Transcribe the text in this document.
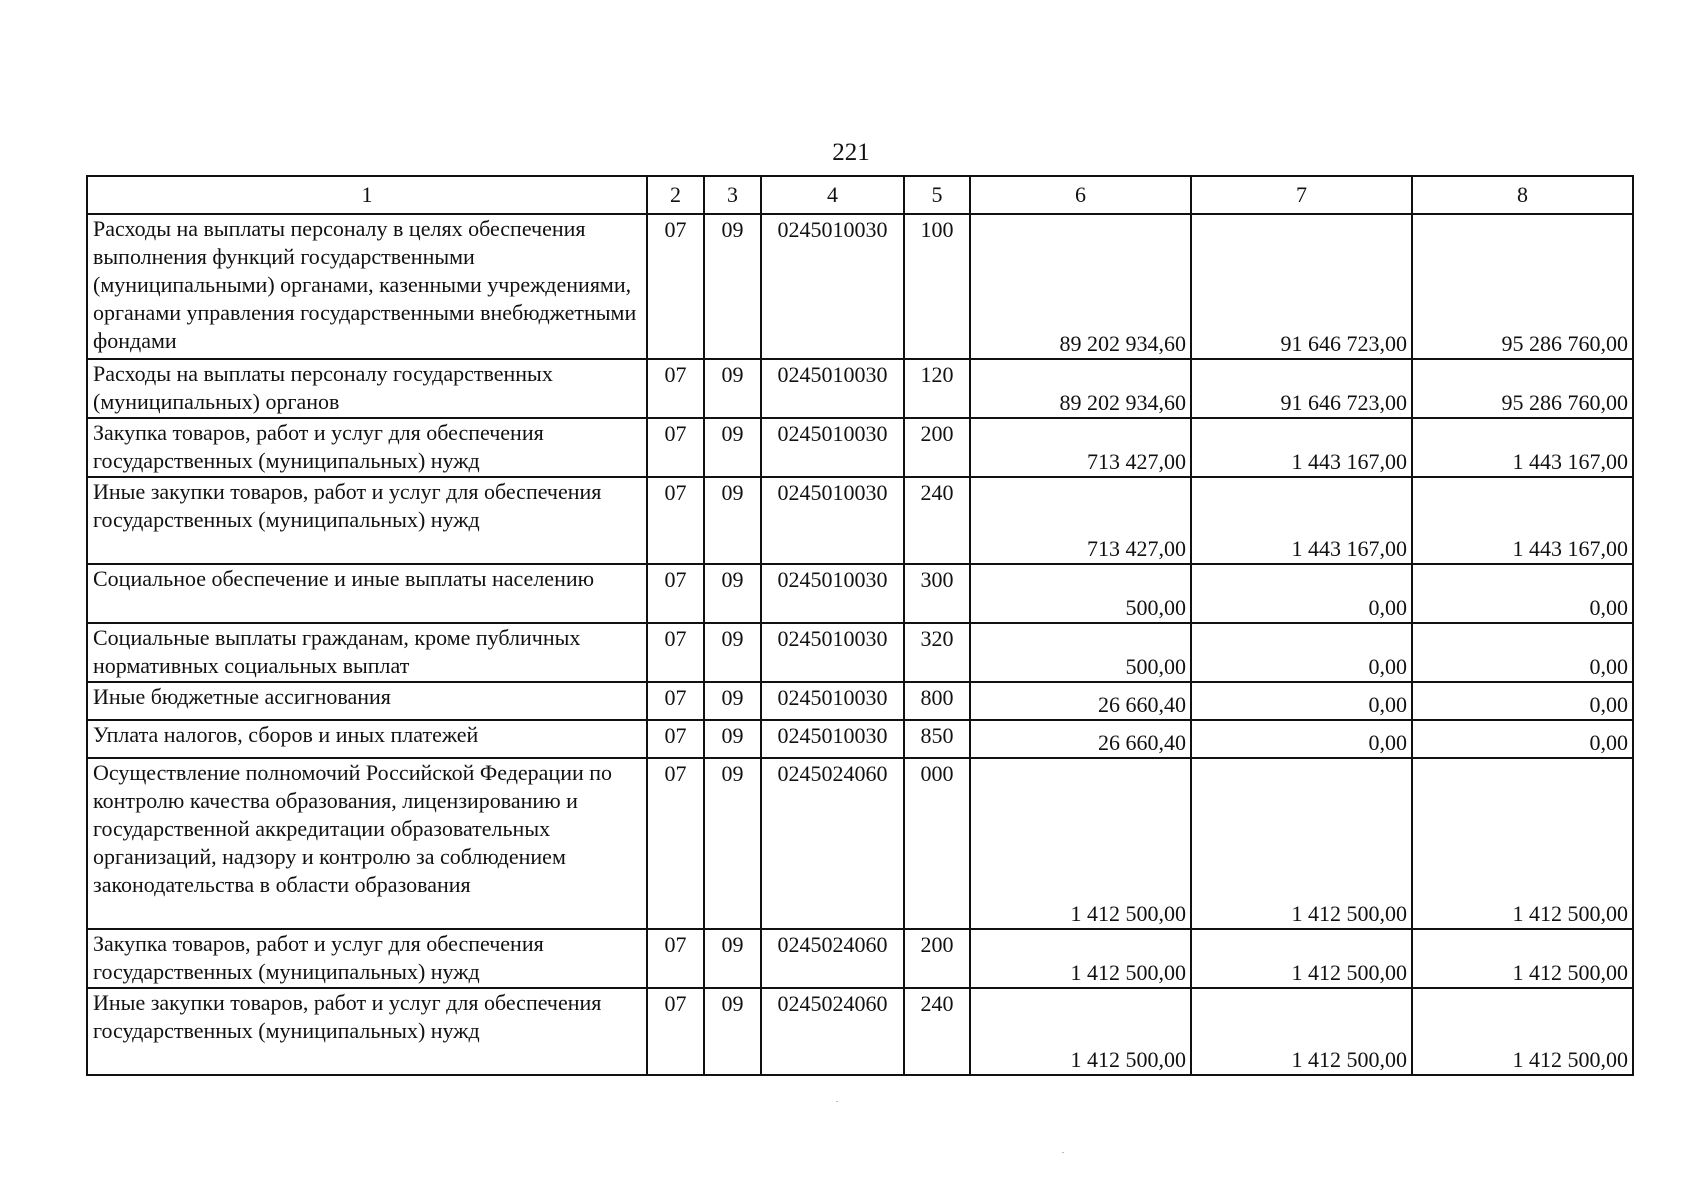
221
1	2	3	4	5	6	7	8
Расходы на выплаты персоналу в целях обеспечения выполнения функций государственными (муниципальными) органами, казенными учреждениями, органами управления государственными внебюджетными фондами	07	09	0245010030	100	89 202 934,60	91 646 723,00	95 286 760,00
Расходы на выплаты персоналу государственных (муниципальных) органов	07	09	0245010030	120	89 202 934,60	91 646 723,00	95 286 760,00
Закупка товаров, работ и услуг для обеспечения государственных (муниципальных) нужд	07	09	0245010030	200	713 427,00	1 443 167,00	1 443 167,00
Иные закупки товаров, работ и услуг для обеспечения государственных (муниципальных) нужд	07	09	0245010030	240	713 427,00	1 443 167,00	1 443 167,00
Социальное обеспечение и иные выплаты населению	07	09	0245010030	300	500,00	0,00	0,00
Социальные выплаты гражданам, кроме публичных нормативных социальных выплат	07	09	0245010030	320	500,00	0,00	0,00
Иные бюджетные ассигнования	07	09	0245010030	800	26 660,40	0,00	0,00
Уплата налогов, сборов и иных платежей	07	09	0245010030	850	26 660,40	0,00	0,00
Осуществление полномочий Российской Федерации по контролю качества образования, лицензированию и государственной аккредитации образовательных организаций, надзору и контролю за соблюдением законодательства в области образования	07	09	0245024060	000	1 412 500,00	1 412 500,00	1 412 500,00
Закупка товаров, работ и услуг для обеспечения государственных (муниципальных) нужд	07	09	0245024060	200	1 412 500,00	1 412 500,00	1 412 500,00
Иные закупки товаров, работ и услуг для обеспечения государственных (муниципальных) нужд	07	09	0245024060	240	1 412 500,00	1 412 500,00	1 412 500,00
